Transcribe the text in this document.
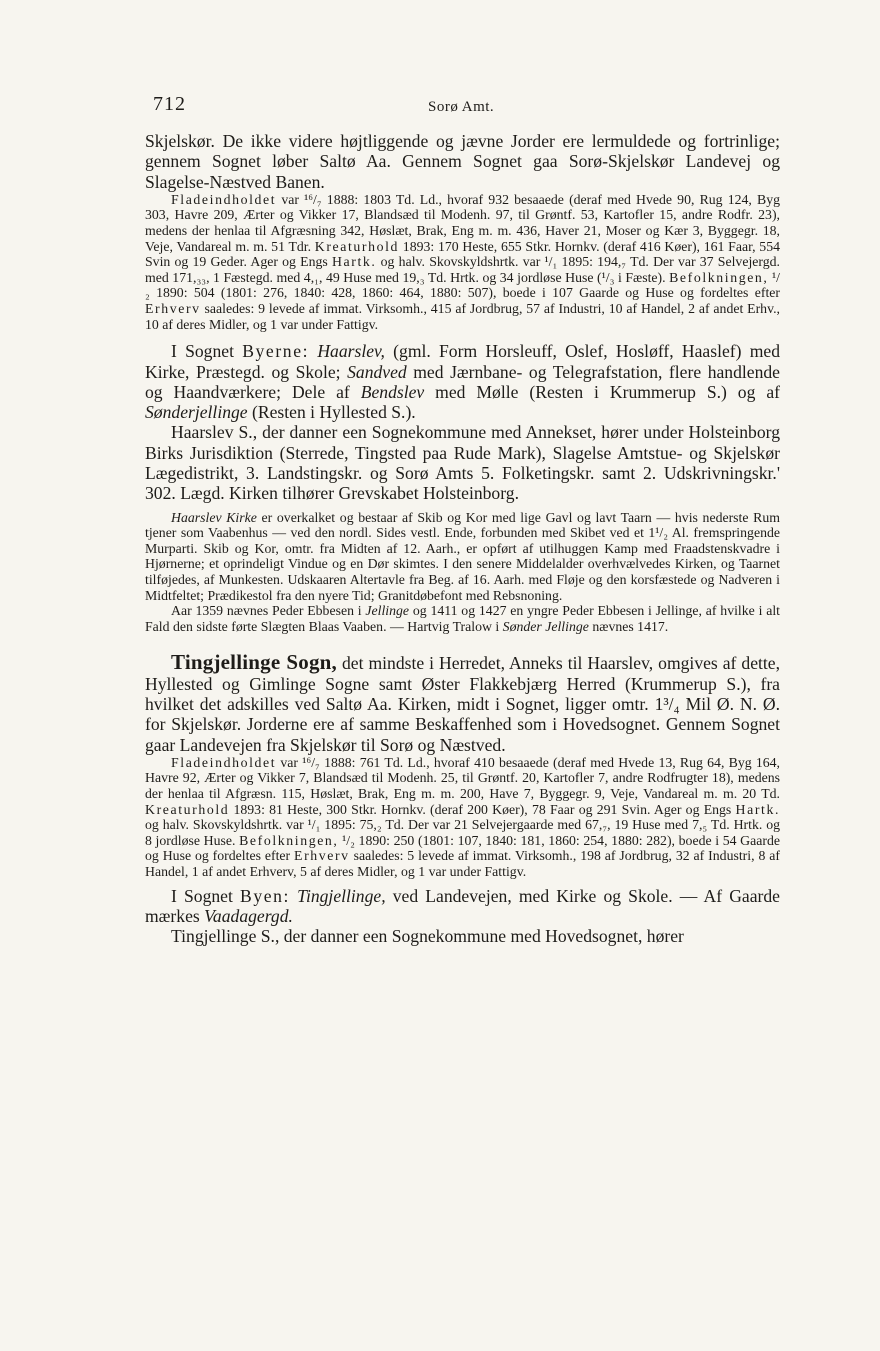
712	Sorø Amt.

Skjelskør. De ikke videre højtliggende og jævne Jorder ere lermuldede og fortrinlige; gennem Sognet løber Saltø Aa. Gennem Sognet gaa Sorø-Skjelskør Landevej og Slagelse-Næstved Banen.

Fladeindholdet var ¹⁶/₇ 1888: 1803 Td. Ld., hvoraf 932 besaaede (deraf med Hvede 90, Rug 124, Byg 303, Havre 209, Ærter og Vikker 17, Blandsæd til Modenh. 97, til Grøntf. 53, Kartofler 15, andre Rodfr. 23), medens der henlaa til Afgræsning 342, Høslæt, Brak, Eng m. m. 436, Haver 21, Moser og Kær 3, Byggegr. 18, Veje, Vandareal m. m. 51 Tdr. Kreaturhold 1893: 170 Heste, 655 Stkr. Hornkv. (deraf 416 Køer), 161 Faar, 554 Svin og 19 Geder. Ager og Engs Hartk. og halv. Skovskyldshrtk. var ¹/₁ 1895: 194,₇ Td. Der var 37 Selvejergd. med 171,₃₃, 1 Fæstegd. med 4,₁, 49 Huse med 19,₃ Td. Hrtk. og 34 jordløse Huse (¹/₃ i Fæste). Befolkningen, ¹/₂ 1890: 504 (1801: 276, 1840: 428, 1860: 464, 1880: 507), boede i 107 Gaarde og Huse og fordeltes efter Erhverv saaledes: 9 levede af immat. Virksomh., 415 af Jordbrug, 57 af Industri, 10 af Handel, 2 af andet Erhv., 10 af deres Midler, og 1 var under Fattigv.

I Sognet Byerne: Haarslev, (gml. Form Horsleuff, Oslef, Hosløff, Haaslef) med Kirke, Præstegd. og Skole; Sandved med Jærnbane- og Telegrafstation, flere handlende og Haandværkere; Dele af Bendslev med Mølle (Resten i Krummerup S.) og af Sønderjellinge (Resten i Hyllested S.).

Haarslev S., der danner een Sognekommune med Annekset, hører under Holsteinborg Birks Jurisdiktion (Sterrede, Tingsted paa Rude Mark), Slagelse Amtstue- og Skjelskør Lægedistrikt, 3. Landstingskr. og Sorø Amts 5. Folketingskr. samt 2. Udskrivningskr.' 302. Lægd. Kirken tilhører Grevskabet Holsteinborg.

Haarslev Kirke er overkalket og bestaar af Skib og Kor med lige Gavl og lavt Taarn — hvis nederste Rum tjener som Vaabenhus — ved den nordl. Sides vestl. Ende, forbunden med Skibet ved et 1¹/₂ Al. fremspringende Murparti. Skib og Kor, omtr. fra Midten af 12. Aarh., er opført af utilhuggen Kamp med Fraadstenskvadre i Hjørnerne; et oprindeligt Vindue og en Dør skimtes. I den senere Middelalder overhvælvedes Kirken, og Taarnet tilføjedes, af Munkesten. Udskaaren Altertavle fra Beg. af 16. Aarh. med Fløje og den korsfæstede og Nadveren i Midtfeltet; Prædikestol fra den nyere Tid; Granitdøbefont med Rebsnoning.

Aar 1359 nævnes Peder Ebbesen i Jellinge og 1411 og 1427 en yngre Peder Ebbesen i Jellinge, af hvilke i alt Fald den sidste førte Slægten Blaas Vaaben. — Hartvig Tralow i Sønder Jellinge nævnes 1417.

Tingjellinge Sogn, det mindste i Herredet, Anneks til Haarslev, omgives af dette, Hyllested og Gimlinge Sogne samt Øster Flakkebjærg Herred (Krummerup S.), fra hvilket det adskilles ved Saltø Aa. Kirken, midt i Sognet, ligger omtr. 1³/₄ Mil Ø. N. Ø. for Skjelskør. Jorderne ere af samme Beskaffenhed som i Hovedsognet. Gennem Sognet gaar Landevejen fra Skjelskør til Sorø og Næstved.

Fladeindholdet var ¹⁶/₇ 1888: 761 Td. Ld., hvoraf 410 besaaede (deraf med Hvede 13, Rug 64, Byg 164, Havre 92, Ærter og Vikker 7, Blandsæd til Modenh. 25, til Grøntf. 20, Kartofler 7, andre Rodfrugter 18), medens der henlaa til Afgræsn. 115, Høslæt, Brak, Eng m. m. 200, Have 7, Byggegr. 9, Veje, Vandareal m. m. 20 Td. Kreaturhold 1893: 81 Heste, 300 Stkr. Hornkv. (deraf 200 Køer), 78 Faar og 291 Svin. Ager og Engs Hartk. og halv. Skovskyldshrtk. var ¹/₁ 1895: 75,₂ Td. Der var 21 Selvejergaarde med 67,₇, 19 Huse med 7,₅ Td. Hrtk. og 8 jordløse Huse. Befolkningen, ¹/₂ 1890: 250 (1801: 107, 1840: 181, 1860: 254, 1880: 282), boede i 54 Gaarde og Huse og fordeltes efter Erhverv saaledes: 5 levede af immat. Virksomh., 198 af Jordbrug, 32 af Industri, 8 af Handel, 1 af andet Erhverv, 5 af deres Midler, og 1 var under Fattigv.

I Sognet Byen: Tingjellinge, ved Landevejen, med Kirke og Skole. — Af Gaarde mærkes Vaadagergd.

Tingjellinge S., der danner een Sognekommune med Hovedsognet, hører
